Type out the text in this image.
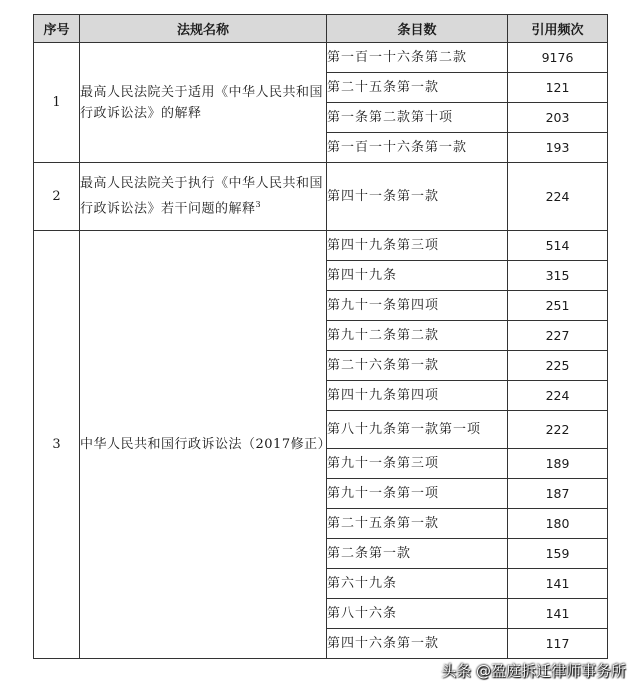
序号	法规名称	条目数	引用频次
1	最高人民法院关于适用《中华人民共和国行政诉讼法》的解释	第一百一十六条第二款	9176
		第二十五条第一款	121
		第一条第二款第十项	203
		第一百一十六条第一款	193
2	最高人民法院关于执行《中华人民共和国行政诉讼法》若干问题的解释$^3$	第四十一条第一款	224
3	中华人民共和国行政诉讼法（2017修正）	第四十九条第三项	514
		第四十九条	315
		第九十一条第四项	251
		第九十二条第二款	227
		第二十六条第一款	225
		第四十九条第四项	224
		第八十九条第一款第一项	222
		第九十一条第三项	189
		第九十一条第一项	187
		第二十五条第一款	180
		第二条第一款	159
		第六十九条	141
		第八十六条	141
		第四十六条第一款	117
头条 @盈庭拆迁律师事务所
